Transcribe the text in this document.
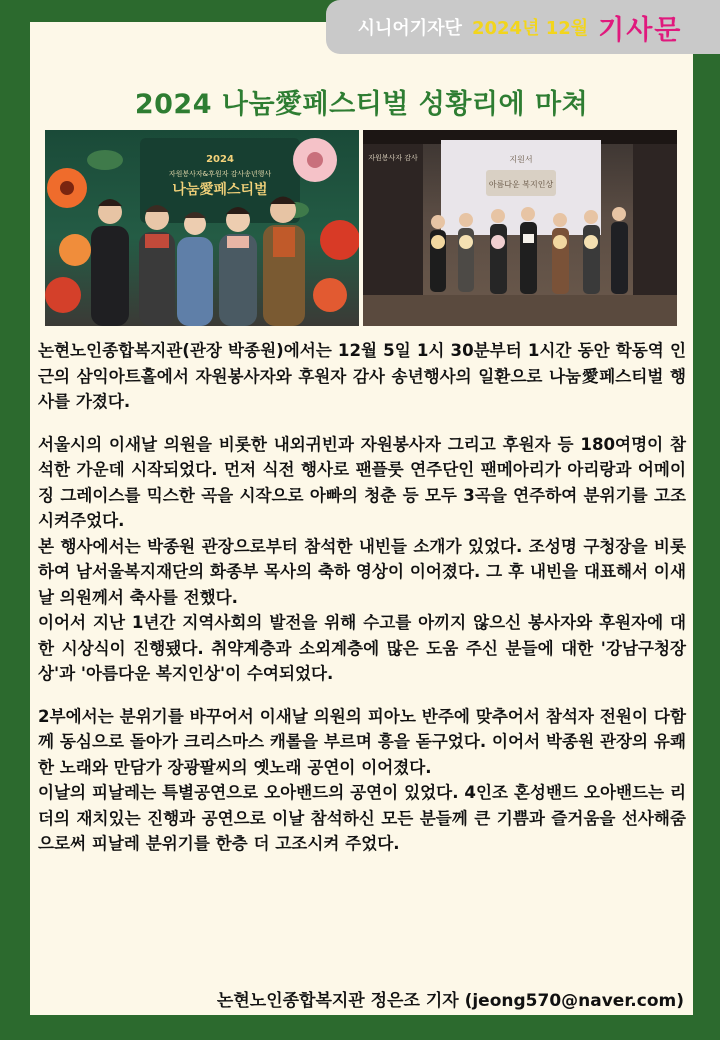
시니어기자단 2024년 12월 기사문
2024 나눔愛페스티벌 성황리에 마쳐
2024
자원봉사자&후원자 감사송년행사
나눔愛페스티벌
자원봉사자 감사	지원서
아름다운 복지인상

논현노인종합복지관(관장 박종원)에서는 12월 5일 1시 30분부터 1시간 동안 학동역 인근의 삼익아트홀에서 자원봉사자와 후원자 감사 송년행사의 일환으로 나눔愛페스티벌 행사를 가졌다.

서울시의 이새날 의원을 비롯한 내외귀빈과 자원봉사자 그리고 후원자 등 180여명이 참석한 가운데 시작되었다. 먼저 식전 행사로 팬플룻 연주단인 팬메아리가 아리랑과 어메이징 그레이스를 믹스한 곡을 시작으로 아빠의 청춘 등 모두 3곡을 연주하여 분위기를 고조시켜주었다.

본 행사에서는 박종원 관장으로부터 참석한 내빈들 소개가 있었다. 조성명 구청장을 비롯하여 남서울복지재단의 화종부 목사의 축하 영상이 이어졌다. 그 후 내빈을 대표해서 이새날 의원께서 축사를 전했다.

이어서 지난 1년간 지역사회의 발전을 위해 수고를 아끼지 않으신 봉사자와 후원자에 대한 시상식이 진행됐다. 취약계층과 소외계층에 많은 도움 주신 분들에 대한 '강남구청장상'과 '아름다운 복지인상'이 수여되었다.

2부에서는 분위기를 바꾸어서 이새날 의원의 피아노 반주에 맞추어서 참석자 전원이 다함께 동심으로 돌아가 크리스마스 캐롤을 부르며 흥을 돋구었다. 이어서 박종원 관장의 유쾌한 노래와 만담가 장광팔씨의 옛노래 공연이 이어졌다.

이날의 피날레는 특별공연으로 오아밴드의 공연이 있었다. 4인조 혼성밴드 오아밴드는 리더의 재치있는 진행과 공연으로 이날 참석하신 모든 분들께 큰 기쁨과 즐거움을 선사해줌으로써 피날레 분위기를 한층 더 고조시켜 주었다.

논현노인종합복지관 정은조 기자 (jeong570@naver.com)
